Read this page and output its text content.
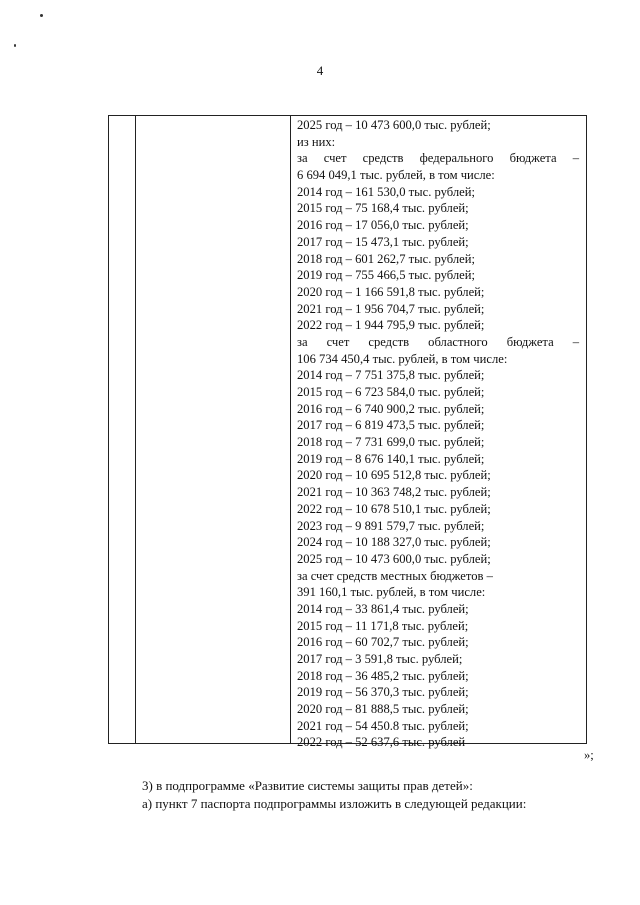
4
2025 год – 10 473 600,0 тыс. рублей;
из них:
за счет средств федерального бюджета –
6 694 049,1 тыс. рублей, в том числе:
2014 год – 161 530,0 тыс. рублей;
2015 год – 75 168,4 тыс. рублей;
2016 год – 17 056,0 тыс. рублей;
2017 год – 15 473,1 тыс. рублей;
2018 год – 601 262,7 тыс. рублей;
2019 год – 755 466,5 тыс. рублей;
2020 год – 1 166 591,8 тыс. рублей;
2021 год – 1 956 704,7 тыс. рублей;
2022 год – 1 944 795,9 тыс. рублей;
за счет средств областного бюджета –
106 734 450,4 тыс. рублей, в том числе:
2014 год – 7 751 375,8 тыс. рублей;
2015 год – 6 723 584,0 тыс. рублей;
2016 год – 6 740 900,2 тыс. рублей;
2017 год – 6 819 473,5 тыс. рублей;
2018 год – 7 731 699,0 тыс. рублей;
2019 год – 8 676 140,1 тыс. рублей;
2020 год – 10 695 512,8 тыс. рублей;
2021 год – 10 363 748,2 тыс. рублей;
2022 год – 10 678 510,1 тыс. рублей;
2023 год – 9 891 579,7 тыс. рублей;
2024 год – 10 188 327,0 тыс. рублей;
2025 год – 10 473 600,0 тыс. рублей;
за счет средств местных бюджетов –
391 160,1 тыс. рублей, в том числе:
2014 год – 33 861,4 тыс. рублей;
2015 год – 11 171,8 тыс. рублей;
2016 год – 60 702,7 тыс. рублей;
2017 год – 3 591,8 тыс. рублей;
2018 год – 36 485,2 тыс. рублей;
2019 год – 56 370,3 тыс. рублей;
2020 год – 81 888,5 тыс. рублей;
2021 год – 54 450.8 тыс. рублей;
2022 год – 52 637,6 тыс. рублей
»;
3) в подпрограмме «Развитие системы защиты прав детей»:
а) пункт 7 паспорта подпрограммы изложить в следующей редакции:
